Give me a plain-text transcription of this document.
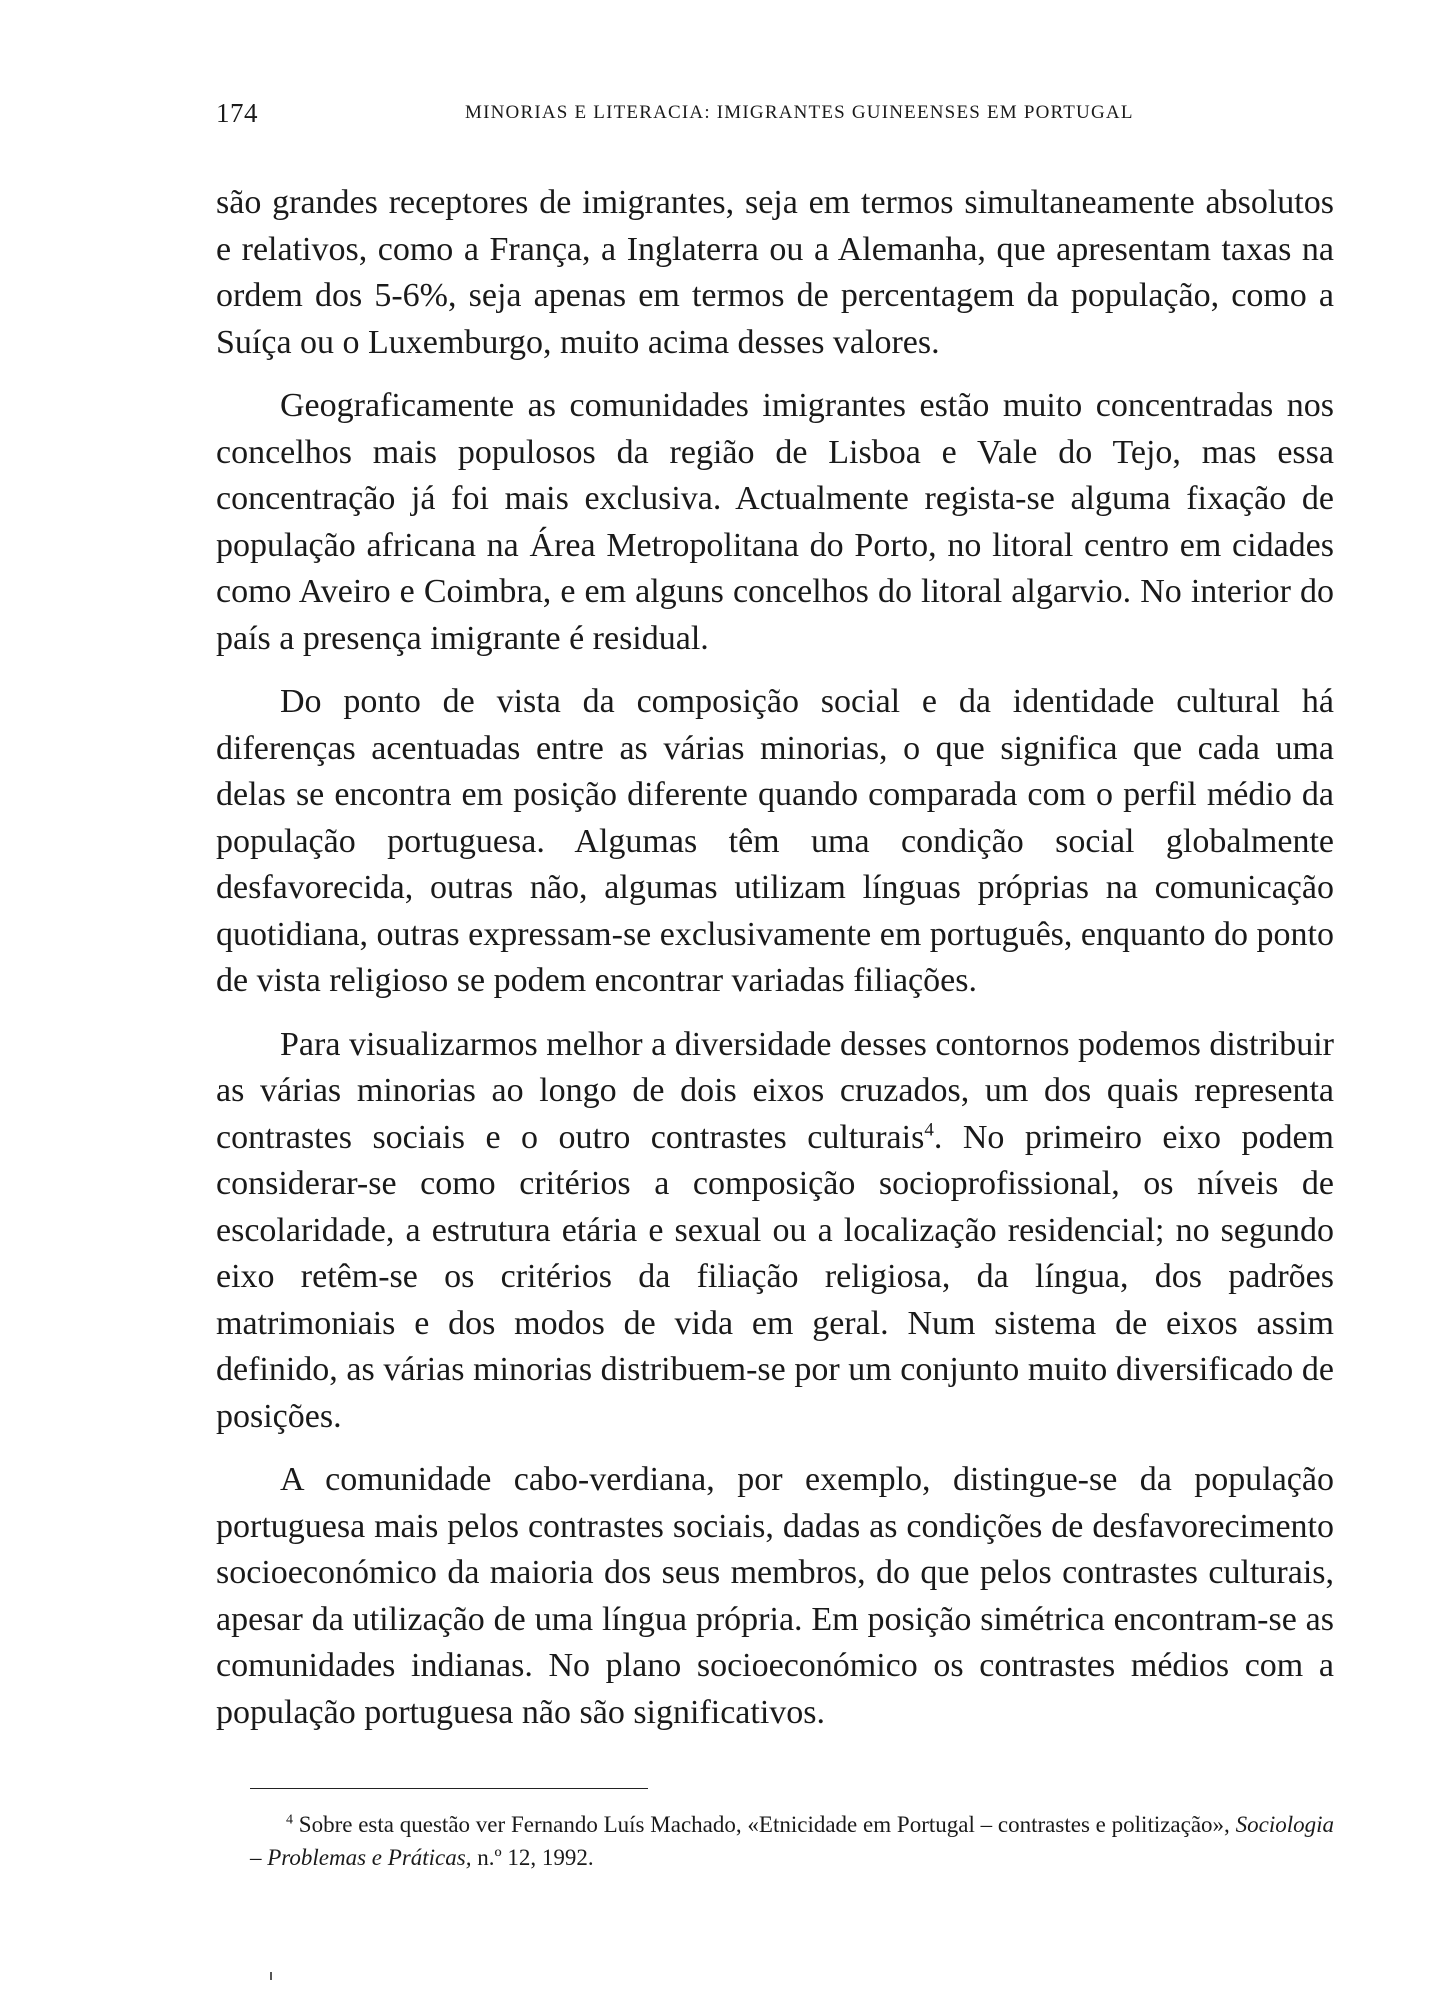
174	MINORIAS E LITERACIA: IMIGRANTES GUINEENSES EM PORTUGAL

são grandes receptores de imigrantes, seja em termos simultaneamente absolutos e relativos, como a França, a Inglaterra ou a Alemanha, que apresentam taxas na ordem dos 5-6%, seja apenas em termos de percentagem da população, como a Suíça ou o Luxemburgo, muito acima desses valores.

Geograficamente as comunidades imigrantes estão muito concentradas nos concelhos mais populosos da região de Lisboa e Vale do Tejo, mas essa concentração já foi mais exclusiva. Actualmente regista-se alguma fixação de população africana na Área Metropolitana do Porto, no litoral centro em cidades como Aveiro e Coimbra, e em alguns concelhos do litoral algarvio. No interior do país a presença imigrante é residual.

Do ponto de vista da composição social e da identidade cultural há diferenças acentuadas entre as várias minorias, o que significa que cada uma delas se encontra em posição diferente quando comparada com o perfil médio da população portuguesa. Algumas têm uma condição social globalmente desfavorecida, outras não, algumas utilizam línguas próprias na comunicação quotidiana, outras expressam-se exclusivamente em português, enquanto do ponto de vista religioso se podem encontrar variadas filiações.

Para visualizarmos melhor a diversidade desses contornos podemos distribuir as várias minorias ao longo de dois eixos cruzados, um dos quais representa contrastes sociais e o outro contrastes culturais$^4$. No primeiro eixo podem considerar-se como critérios a composição socioprofissional, os níveis de escolaridade, a estrutura etária e sexual ou a localização residencial; no segundo eixo retêm-se os critérios da filiação religiosa, da língua, dos padrões matrimoniais e dos modos de vida em geral. Num sistema de eixos assim definido, as várias minorias distribuem-se por um conjunto muito diversificado de posições.

A comunidade cabo-verdiana, por exemplo, distingue-se da população portuguesa mais pelos contrastes sociais, dadas as condições de desfavorecimento socioeconómico da maioria dos seus membros, do que pelos contrastes culturais, apesar da utilização de uma língua própria. Em posição simétrica encontram-se as comunidades indianas. No plano socioeconómico os contrastes médios com a população portuguesa não são significativos.

$^4$ Sobre esta questão ver Fernando Luís Machado, «Etnicidade em Portugal – contrastes e politização», Sociologia – Problemas e Práticas, n.º 12, 1992.
